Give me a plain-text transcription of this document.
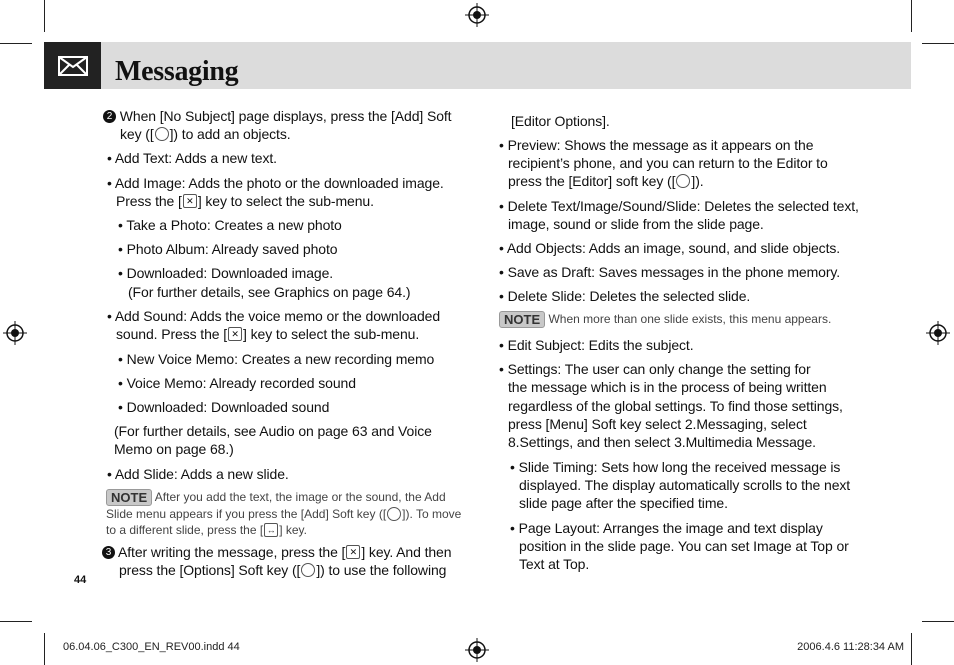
Messaging
2 When [No Subject] page displays, press the [Add] Soft
key ([ ]) to add an objects.
• Add Text: Adds a new text.
• Add Image: Adds the photo or the downloaded image.
Press the [ ✕ ] key to select the sub-menu.
• Take a Photo: Creates a new photo
• Photo Album: Already saved photo
• Downloaded: Downloaded image.
(For further details, see Graphics on page 64.)
• Add Sound: Adds the voice memo or the downloaded
sound. Press the [ ✕ ] key to select the sub-menu.
• New Voice Memo: Creates a new recording memo
• Voice Memo: Already recorded sound
• Downloaded: Downloaded sound
(For further details, see Audio on page 63 and Voice
Memo on page 68.)
• Add Slide: Adds a new slide.
NOTE After you add the text, the image or the sound, the Add
Slide menu appears if you press the [Add] Soft key ([ ]). To move
to a different slide, press the [ ↔ ] key.
3 After writing the message, press the [ ✕ ] key. And then
press the [Options] Soft key ([ ]) to use the following
44
[Editor Options].
• Preview: Shows the message as it appears on the
recipient’s phone, and you can return to the Editor to
press the [Editor] soft key ([ ]).
• Delete Text/Image/Sound/Slide: Deletes the selected text,
image, sound or slide from the slide page.
• Add Objects: Adds an image, sound, and slide objects.
• Save as Draft: Saves messages in the phone memory.
• Delete Slide: Deletes the selected slide.
NOTE When more than one slide exists, this menu appears.
• Edit Subject: Edits the subject.
• Settings: The user can only change the setting for
the message which is in the process of being written
regardless of the global settings. To find those settings,
press [Menu] Soft key select 2.Messaging, select
8.Settings, and then select 3.Multimedia Message.
• Slide Timing: Sets how long the received message is
displayed. The display automatically scrolls to the next
slide page after the specified time.
• Page Layout: Arranges the image and text display
position in the slide page. You can set Image at Top or
Text at Top.
06.04.06_C300_EN_REV00.indd 44	2006.4.6 11:28:34 AM
